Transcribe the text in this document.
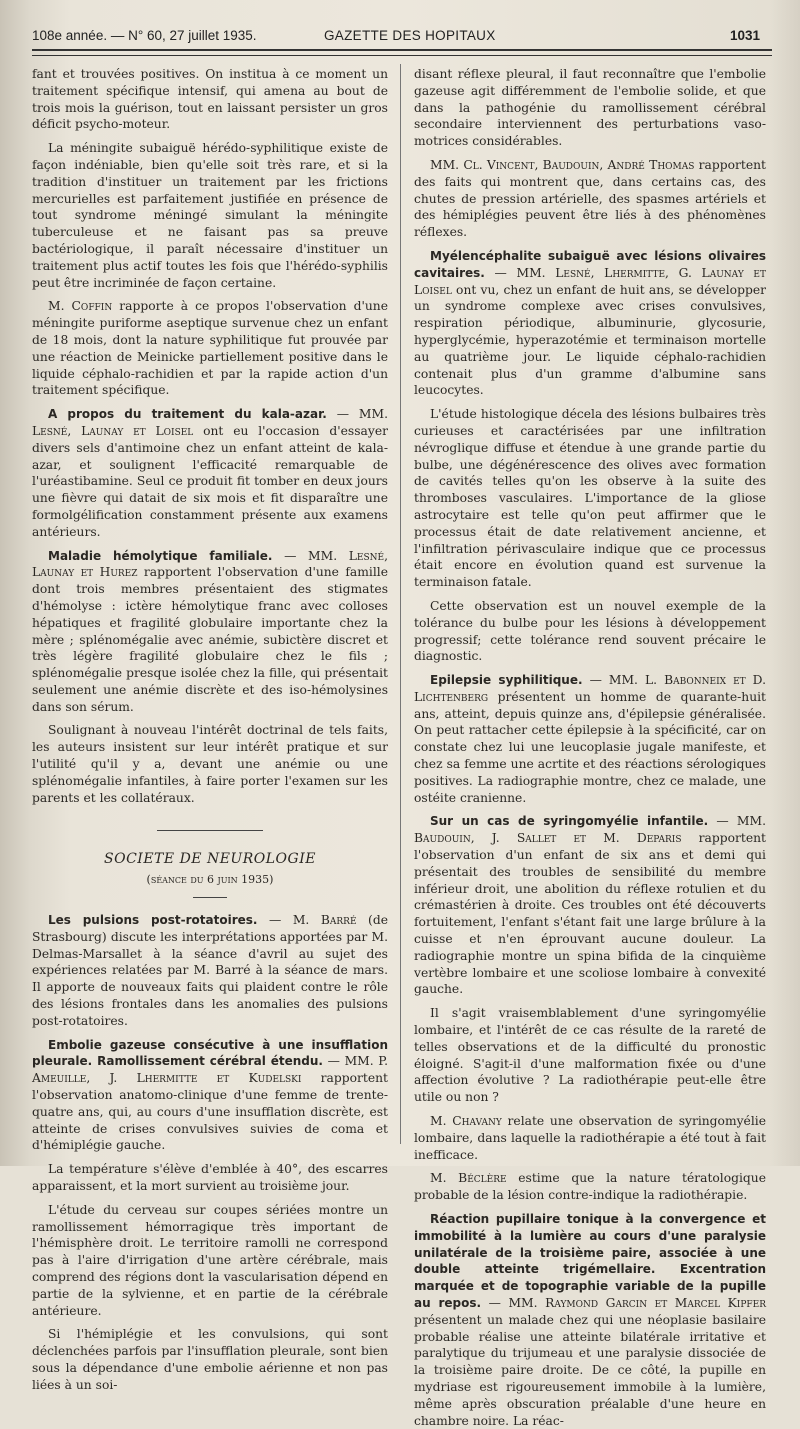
108e année. — N° 60, 27 juillet 1935.	GAZETTE DES HOPITAUX	1031

fant et trouvées positives. On institua à ce moment un traitement spécifique intensif, qui amena au bout de trois mois la guérison, tout en laissant persister un gros déficit psycho-moteur.

La méningite subaiguë hérédo-syphilitique existe de façon indéniable, bien qu'elle soit très rare, et si la tradition d'instituer un traitement par les frictions mercurielles est parfaitement justifiée en présence de tout syndrome méningé simulant la méningite tuberculeuse et ne faisant pas sa preuve bactériologique, il paraît nécessaire d'instituer un traitement plus actif toutes les fois que l'hérédo-syphilis peut être incriminée de façon certaine.

M. Coffin rapporte à ce propos l'observation d'une méningite puriforme aseptique survenue chez un enfant de 18 mois, dont la nature syphilitique fut prouvée par une réaction de Meinicke partiellement positive dans le liquide céphalo-rachidien et par la rapide action d'un traitement spécifique.

A propos du traitement du kala-azar. — MM. Lesné, Launay et Loisel ont eu l'occasion d'essayer divers sels d'antimoine chez un enfant atteint de kala-azar, et soulignent l'efficacité remarquable de l'uréastibamine. Seul ce produit fit tomber en deux jours une fièvre qui datait de six mois et fit disparaître une formolgélification constamment présente aux examens antérieurs.

Maladie hémolytique familiale. — MM. Lesné, Launay et Hurez rapportent l'observation d'une famille dont trois membres présentaient des stigmates d'hémolyse : ictère hémolytique franc avec colloses hépatiques et fragilité globulaire importante chez la mère ; splénomégalie avec anémie, subictère discret et très légère fragilité globulaire chez le fils ; splénomégalie presque isolée chez la fille, qui présentait seulement une anémie discrète et des iso-hémolysines dans son sérum.

Soulignant à nouveau l'intérêt doctrinal de tels faits, les auteurs insistent sur leur intérêt pratique et sur l'utilité qu'il y a, devant une anémie ou une splénomégalie infantiles, à faire porter l'examen sur les parents et les collatéraux.

SOCIETE DE NEUROLOGIE
(séance du 6 juin 1935)

Les pulsions post-rotatoires. — M. Barré (de Strasbourg) discute les interprétations apportées par M. Delmas-Marsallet à la séance d'avril au sujet des expériences relatées par M. Barré à la séance de mars. Il apporte de nouveaux faits qui plaident contre le rôle des lésions frontales dans les anomalies des pulsions post-rotatoires.

Embolie gazeuse consécutive à une insufflation pleurale. Ramollissement cérébral étendu. — MM. P. Ameuille, J. Lhermitte et Kudelski rapportent l'observation anatomo-clinique d'une femme de trente-quatre ans, qui, au cours d'une insufflation discrète, est atteinte de crises convulsives suivies de coma et d'hémiplégie gauche.

La température s'élève d'emblée à 40°, des escarres apparaissent, et la mort survient au troisième jour.

L'étude du cerveau sur coupes sériées montre un ramollissement hémorragique très important de l'hémisphère droit. Le territoire ramolli ne correspond pas à l'aire d'irrigation d'une artère cérébrale, mais comprend des régions dont la vascularisation dépend en partie de la sylvienne, et en partie de la cérébrale antérieure.

Si l'hémiplégie et les convulsions, qui sont déclenchées parfois par l'insufflation pleurale, sont bien sous la dépendance d'une embolie aérienne et non pas liées à un soi-

disant réflexe pleural, il faut reconnaître que l'embolie gazeuse agit différemment de l'embolie solide, et que dans la pathogénie du ramollissement cérébral secondaire interviennent des perturbations vaso-motrices considérables.

MM. Cl. Vincent, Baudouin, André Thomas rapportent des faits qui montrent que, dans certains cas, des chutes de pression artérielle, des spasmes artériels et des hémiplégies peuvent être liés à des phénomènes réflexes.

Myélencéphalite subaiguë avec lésions olivaires cavitaires. — MM. Lesné, Lhermitte, G. Launay et Loisel ont vu, chez un enfant de huit ans, se développer un syndrome complexe avec crises convulsives, respiration périodique, albuminurie, glycosurie, hyperglycémie, hyperazotémie et terminaison mortelle au quatrième jour. Le liquide céphalo-rachidien contenait plus d'un gramme d'albumine sans leucocytes.

L'étude histologique décela des lésions bulbaires très curieuses et caractérisées par une infiltration névroglique diffuse et étendue à une grande partie du bulbe, une dégénérescence des olives avec formation de cavités telles qu'on les observe à la suite des thromboses vasculaires. L'importance de la gliose astrocytaire est telle qu'on peut affirmer que le processus était de date relativement ancienne, et l'infiltration périvasculaire indique que ce processus était encore en évolution quand est survenue la terminaison fatale.

Cette observation est un nouvel exemple de la tolérance du bulbe pour les lésions à développement progressif; cette tolérance rend souvent précaire le diagnostic.

Epilepsie syphilitique. — MM. L. Babonneix et D. Lichtenberg présentent un homme de quarante-huit ans, atteint, depuis quinze ans, d'épilepsie généralisée. On peut rattacher cette épilepsie à la spécificité, car on constate chez lui une leucoplasie jugale manifeste, et chez sa femme une acrtite et des réactions sérologiques positives. La radiographie montre, chez ce malade, une ostéite cranienne.

Sur un cas de syringomyélie infantile. — MM. Baudouin, J. Sallet et M. Deparis rapportent l'observation d'un enfant de six ans et demi qui présentait des troubles de sensibilité du membre inférieur droit, une abolition du réflexe rotulien et du crémastérien à droite. Ces troubles ont été découverts fortuitement, l'enfant s'étant fait une large brûlure à la cuisse et n'en éprouvant aucune douleur. La radiographie montre un spina bifida de la cinquième vertèbre lombaire et une scoliose lombaire à convexité gauche.

Il s'agit vraisemblablement d'une syringomyélie lombaire, et l'intérêt de ce cas résulte de la rareté de telles observations et de la difficulté du pronostic éloigné. S'agit-il d'une malformation fixée ou d'une affection évolutive ? La radiothérapie peut-elle être utile ou non ?

M. Chavany relate une observation de syringomyélie lombaire, dans laquelle la radiothérapie a été tout à fait inefficace.

M. Béclère estime que la nature tératologique probable de la lésion contre-indique la radiothérapie.

Réaction pupillaire tonique à la convergence et immobilité à la lumière au cours d'une paralysie unilatérale de la troisième paire, associée à une double atteinte trigémellaire. Excentration marquée et de topographie variable de la pupille au repos. — MM. Raymond Garcin et Marcel Kipfer présentent un malade chez qui une néoplasie basilaire probable réalise une atteinte bilatérale irritative et paralytique du trijumeau et une paralysie dissociée de la troisième paire droite. De ce côté, la pupille en mydriase est rigoureusement immobile à la lumière, même après obscuration préalable d'une heure en chambre noire. La réac-
